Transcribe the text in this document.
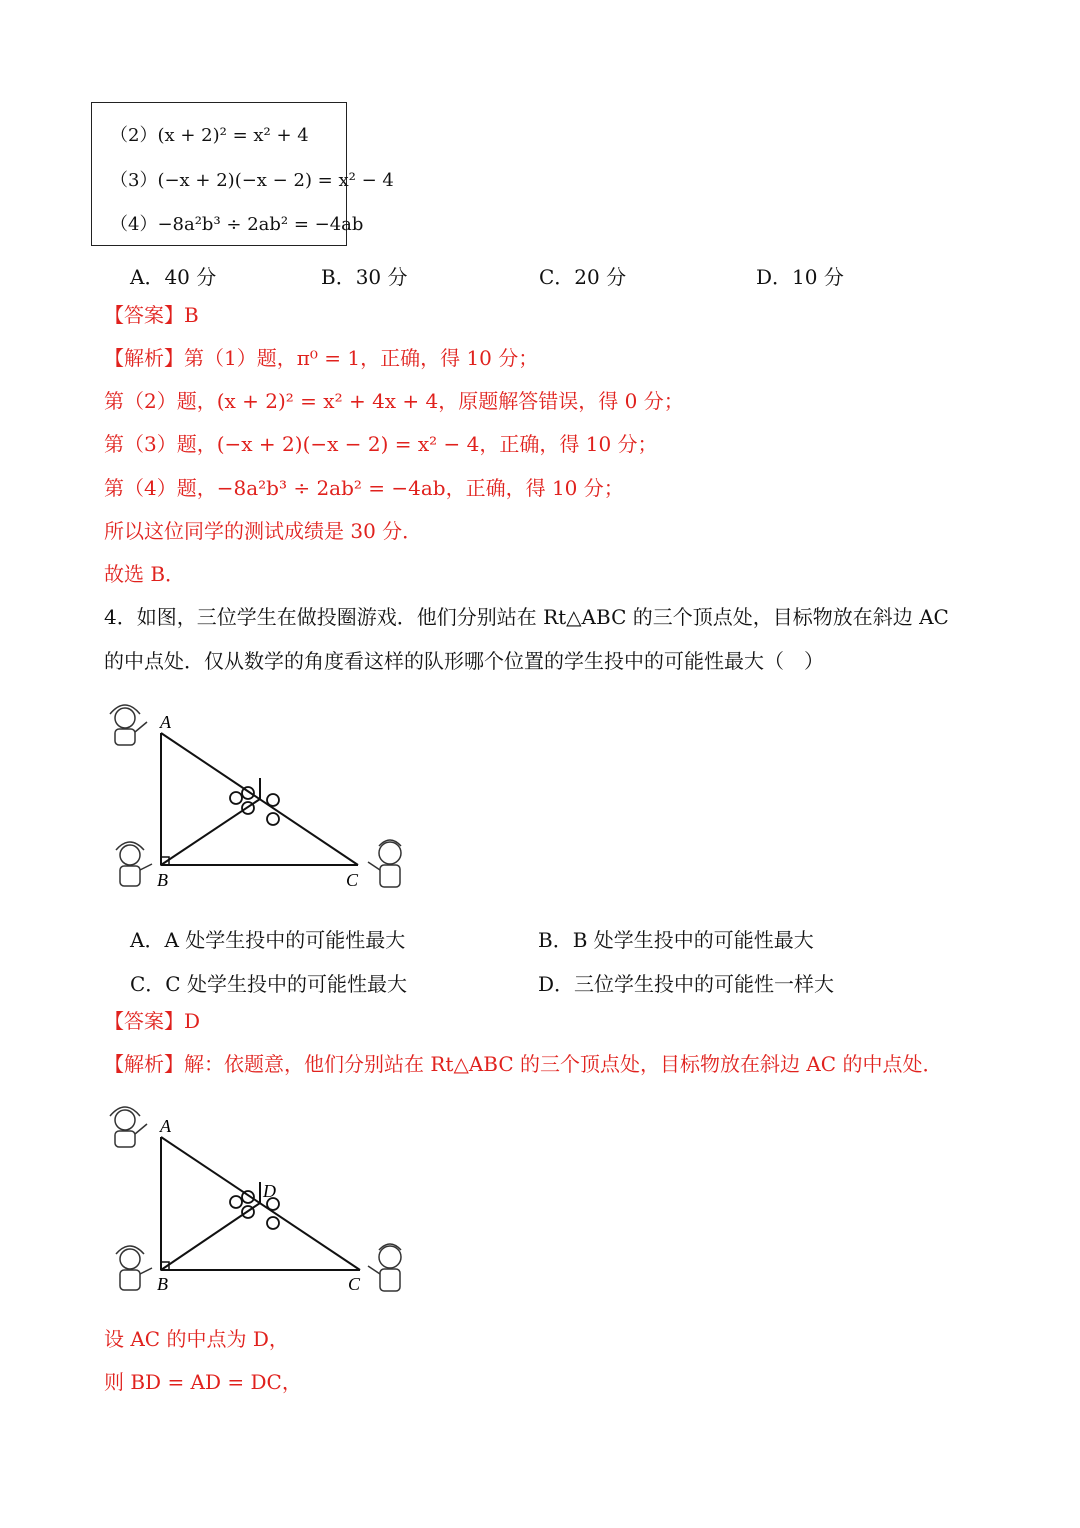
（2）(x + 2)² = x² + 4
（3）(−x + 2)(−x − 2) = x² − 4
（4）−8a²b³ ÷ 2ab² = −4ab
A．40 分	B．30 分	C．20 分	D．10 分
【答案】B
【解析】第（1）题，π⁰ = 1，正确，得 10 分；
第（2）题，(x + 2)² = x² + 4x + 4，原题解答错误，得 0 分；
第（3）题，(−x + 2)(−x − 2) = x² − 4，正确，得 10 分；
第（4）题，−8a²b³ ÷ 2ab² = −4ab，正确，得 10 分；
所以这位同学的测试成绩是 30 分．
故选 B．
4．如图，三位学生在做投圈游戏．他们分别站在 Rt△ABC 的三个顶点处，目标物放在斜边 AC
的中点处．仅从数学的角度看这样的队形哪个位置的学生投中的可能性最大（　）
A
B	C
A．A 处学生投中的可能性最大	B．B 处学生投中的可能性最大
C．C 处学生投中的可能性最大	D．三位学生投中的可能性一样大
【答案】D
【解析】解：依题意，他们分别站在 Rt△ABC 的三个顶点处，目标物放在斜边 AC 的中点处．
A
D
B	C
设 AC 的中点为 D，
则 BD = AD = DC，
